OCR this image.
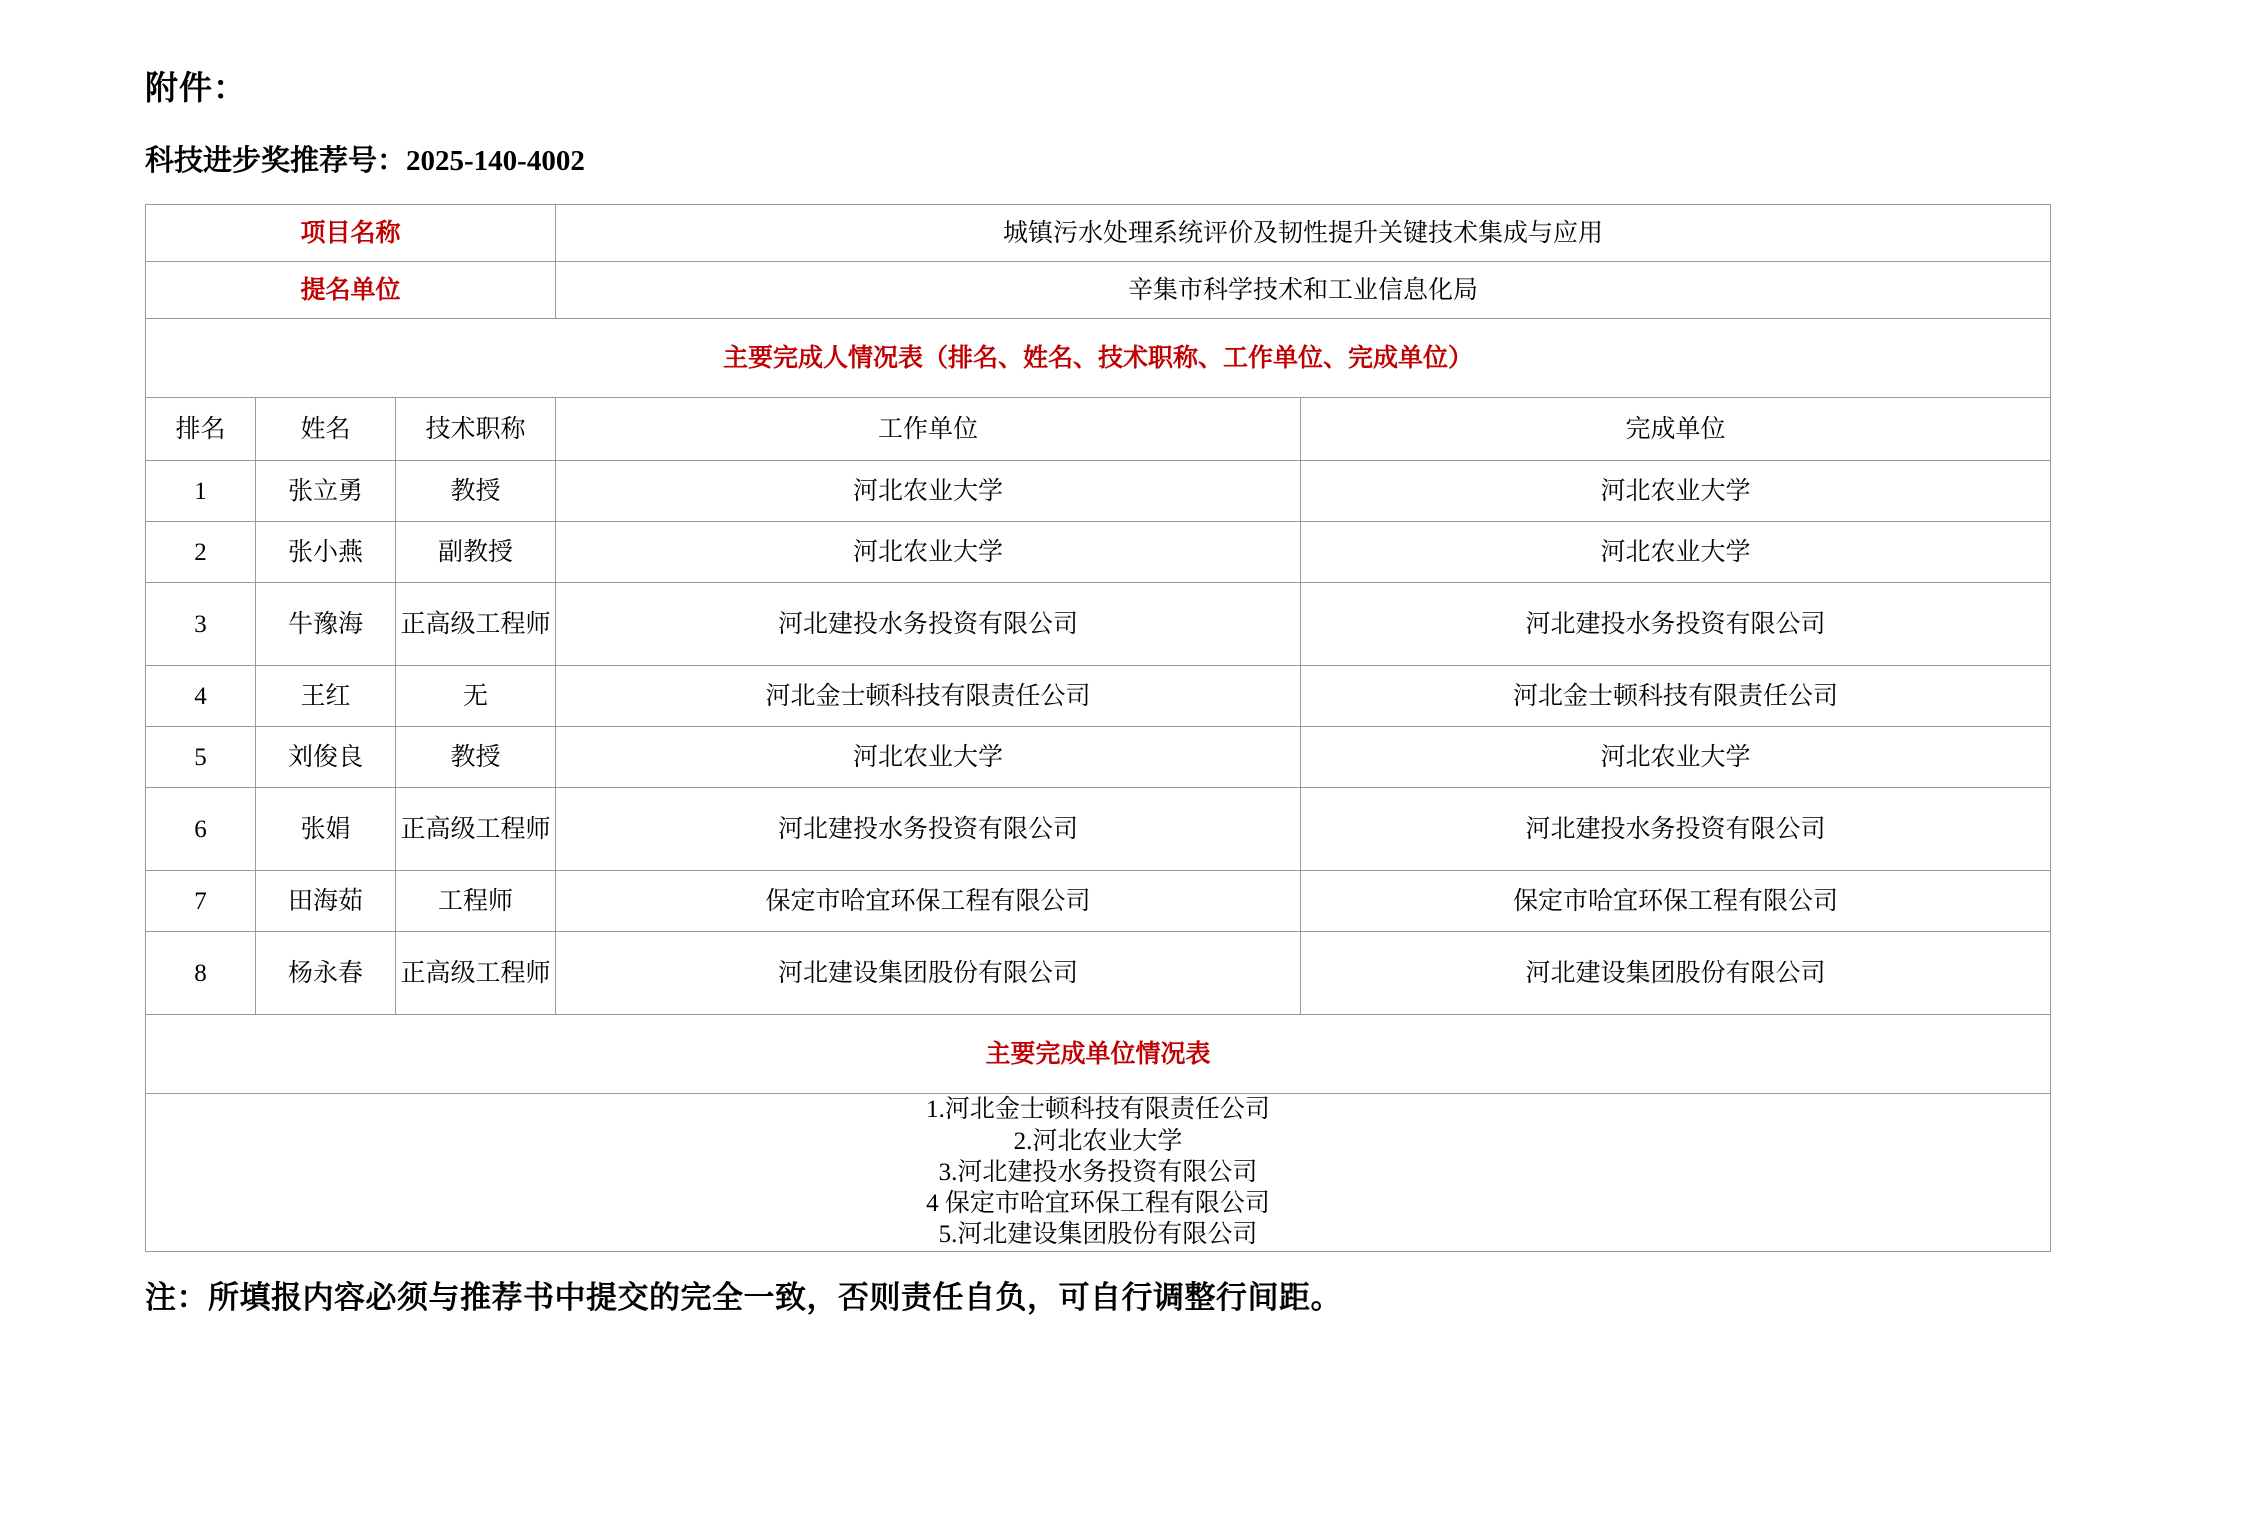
附件：
科技进步奖推荐号：2025-140-4002
项目名称			城镇污水处理系统评价及韧性提升关键技术集成与应用	
提名单位			辛集市科学技术和工业信息化局	
主要完成人情况表（排名、姓名、技术职称、工作单位、完成单位）				
排名	姓名	技术职称	工作单位	完成单位
1	张立勇	教授	河北农业大学	河北农业大学
2	张小燕	副教授	河北农业大学	河北农业大学
3	牛豫海	正高级工程师	河北建投水务投资有限公司	河北建投水务投资有限公司
4	王红	无	河北金士顿科技有限责任公司	河北金士顿科技有限责任公司
5	刘俊良	教授	河北农业大学	河北农业大学
6	张娟	正高级工程师	河北建投水务投资有限公司	河北建投水务投资有限公司
7	田海茹	工程师	保定市哈宜环保工程有限公司	保定市哈宜环保工程有限公司
8	杨永春	正高级工程师	河北建设集团股份有限公司	河北建设集团股份有限公司
主要完成单位情况表				

1.河北金士顿科技有限责任公司
2.河北农业大学
3.河北建投水务投资有限公司
4 保定市哈宜环保工程有限公司
5.河北建设集团股份有限公司				
注：所填报内容必须与推荐书中提交的完全一致，否则责任自负，可自行调整行间距。
